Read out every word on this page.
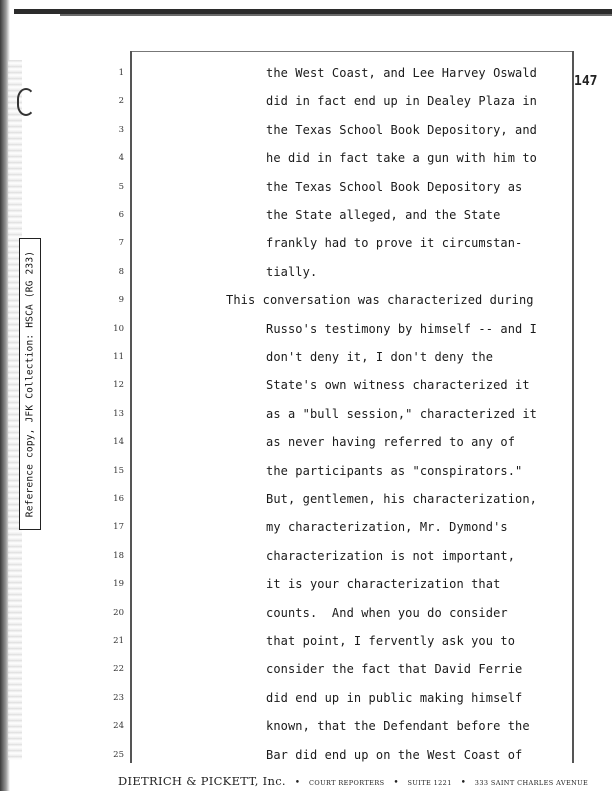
Reference copy, JFK Collection: HSCA (RG 233)
147
1	the West Coast, and Lee Harvey Oswald
2	did in fact end up in Dealey Plaza in
3	the Texas School Book Depository, and
4	he did in fact take a gun with him to
5	the Texas School Book Depository as
6	the State alleged, and the State
7	frankly had to prove it circumstan-
8	tially.
9	This conversation was characterized during
10	Russo's testimony by himself -- and I
11	don't deny it, I don't deny the
12	State's own witness characterized it
13	as a "bull session," characterized it
14	as never having referred to any of
15	the participants as "conspirators."
16	But, gentlemen, his characterization,
17	my characterization, Mr. Dymond's
18	characterization is not important,
19	it is your characterization that
20	counts.  And when you do consider
21	that point, I fervently ask you to
22	consider the fact that David Ferrie
23	did end up in public making himself
24	known, that the Defendant before the
25	Bar did end up on the West Coast of
DIETRICH & PICKETT, Inc. • COURT REPORTERS • SUITE 1221 • 333 SAINT CHARLES AVENUE
